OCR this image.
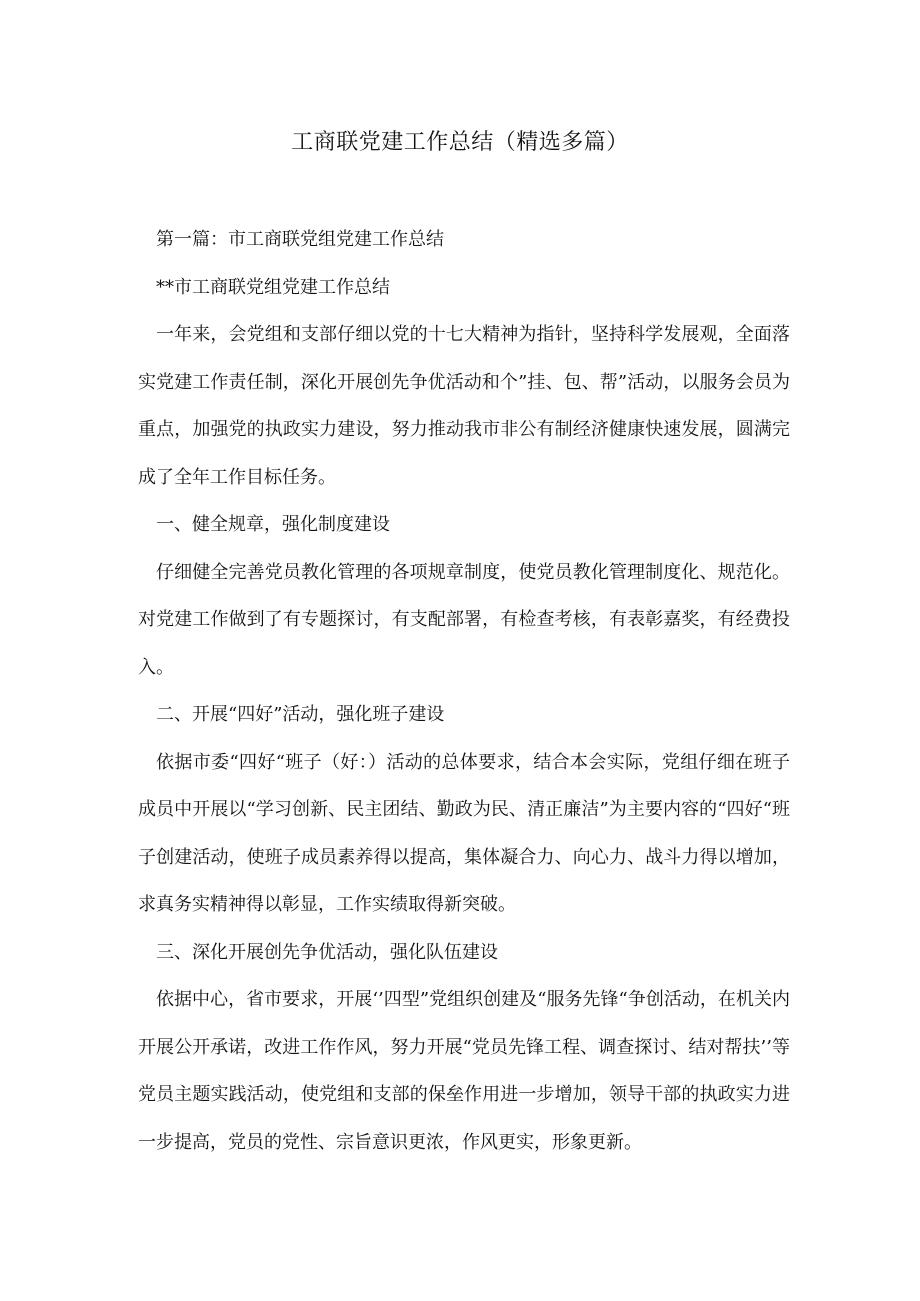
工商联党建工作总结（精选多篇）

第一篇：市工商联党组党建工作总结

**市工商联党组党建工作总结

一年来，会党组和支部仔细以党的十七大精神为指针，坚持科学发展观，全面落实党建工作责任制，深化开展创先争优活动和个”挂、包、帮”活动，以服务会员为重点，加强党的执政实力建设，努力推动我市非公有制经济健康快速发展，圆满完成了全年工作目标任务。

一、健全规章，强化制度建设

仔细健全完善党员教化管理的各项规章制度，使党员教化管理制度化、规范化。对党建工作做到了有专题探讨，有支配部署，有检查考核，有表彰嘉奖，有经费投入。

二、开展“四好”活动，强化班子建设

依据市委“四好“班子（好：）活动的总体要求，结合本会实际，党组仔细在班子成员中开展以“学习创新、民主团结、勤政为民、清正廉洁”为主要内容的“四好“班子创建活动，使班子成员素养得以提高，集体凝合力、向心力、战斗力得以增加，求真务实精神得以彰显，工作实绩取得新突破。

三、深化开展创先争优活动，强化队伍建设

依据中心，省市要求，开展‘’四型”党组织创建及“服务先锋“争创活动，在机关内开展公开承诺，改进工作作风，努力开展“党员先锋工程、调查探讨、结对帮扶’’等党员主题实践活动，使党组和支部的保垒作用进一步增加，领导干部的执政实力进一步提高，党员的党性、宗旨意识更浓，作风更实，形象更新。
